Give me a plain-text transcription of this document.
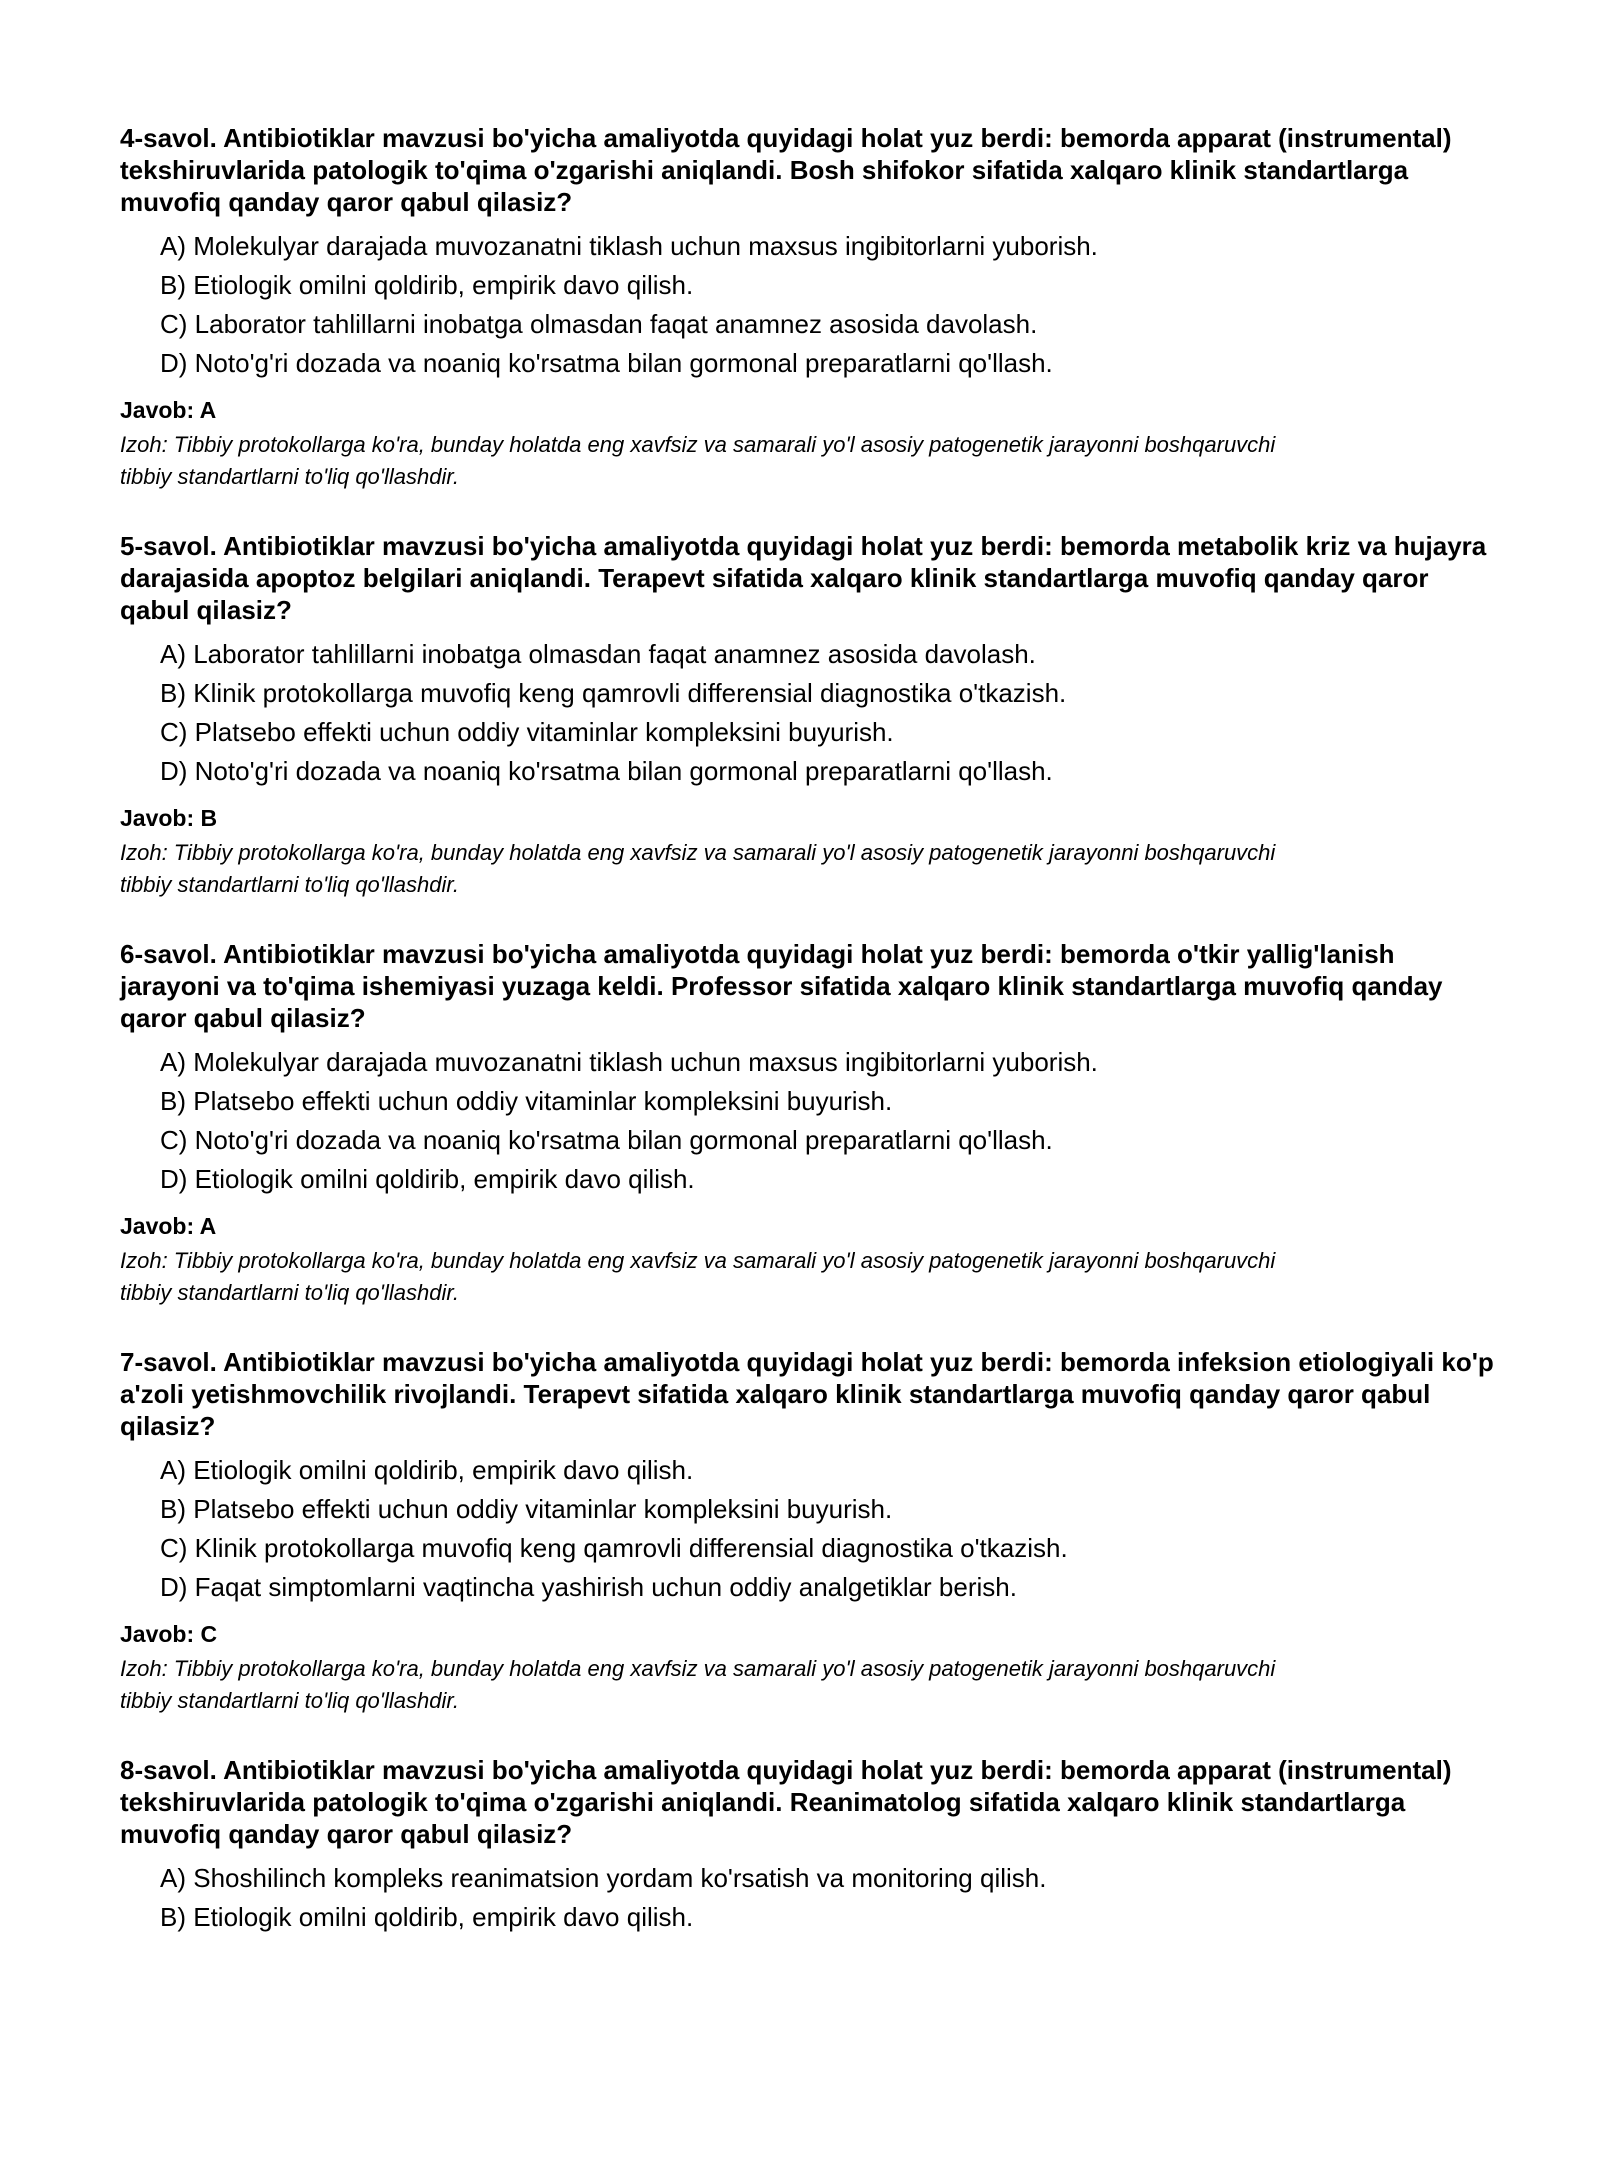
4-savol. Antibiotiklar mavzusi bo'yicha amaliyotda quyidagi holat yuz berdi: bemorda apparat (instrumental) tekshiruvlarida patologik to'qima o'zgarishi aniqlandi. Bosh shifokor sifatida xalqaro klinik standartlarga muvofiq qanday qaror qabul qilasiz?

A) Molekulyar darajada muvozanatni tiklash uchun maxsus ingibitorlarni yuborish.
B) Etiologik omilni qoldirib, empirik davo qilish.
C) Laborator tahlillarni inobatga olmasdan faqat anamnez asosida davolash.
D) Noto'g'ri dozada va noaniq ko'rsatma bilan gormonal preparatlarni qo'llash.

Javob: A

Izoh: Tibbiy protokollarga ko'ra, bunday holatda eng xavfsiz va samarali yo'l asosiy patogenetik jarayonni boshqaruvchi tibbiy standartlarni to'liq qo'llashdir.

5-savol. Antibiotiklar mavzusi bo'yicha amaliyotda quyidagi holat yuz berdi: bemorda metabolik kriz va hujayra darajasida apoptoz belgilari aniqlandi. Terapevt sifatida xalqaro klinik standartlarga muvofiq qanday qaror qabul qilasiz?

A) Laborator tahlillarni inobatga olmasdan faqat anamnez asosida davolash.
B) Klinik protokollarga muvofiq keng qamrovli differensial diagnostika o'tkazish.
C) Platsebo effekti uchun oddiy vitaminlar kompleksini buyurish.
D) Noto'g'ri dozada va noaniq ko'rsatma bilan gormonal preparatlarni qo'llash.

Javob: B

Izoh: Tibbiy protokollarga ko'ra, bunday holatda eng xavfsiz va samarali yo'l asosiy patogenetik jarayonni boshqaruvchi tibbiy standartlarni to'liq qo'llashdir.

6-savol. Antibiotiklar mavzusi bo'yicha amaliyotda quyidagi holat yuz berdi: bemorda o'tkir yallig'lanish jarayoni va to'qima ishemiyasi yuzaga keldi. Professor sifatida xalqaro klinik standartlarga muvofiq qanday qaror qabul qilasiz?

A) Molekulyar darajada muvozanatni tiklash uchun maxsus ingibitorlarni yuborish.
B) Platsebo effekti uchun oddiy vitaminlar kompleksini buyurish.
C) Noto'g'ri dozada va noaniq ko'rsatma bilan gormonal preparatlarni qo'llash.
D) Etiologik omilni qoldirib, empirik davo qilish.

Javob: A

Izoh: Tibbiy protokollarga ko'ra, bunday holatda eng xavfsiz va samarali yo'l asosiy patogenetik jarayonni boshqaruvchi tibbiy standartlarni to'liq qo'llashdir.

7-savol. Antibiotiklar mavzusi bo'yicha amaliyotda quyidagi holat yuz berdi: bemorda infeksion etiologiyali ko'p a'zoli yetishmovchilik rivojlandi. Terapevt sifatida xalqaro klinik standartlarga muvofiq qanday qaror qabul qilasiz?

A) Etiologik omilni qoldirib, empirik davo qilish.
B) Platsebo effekti uchun oddiy vitaminlar kompleksini buyurish.
C) Klinik protokollarga muvofiq keng qamrovli differensial diagnostika o'tkazish.
D) Faqat simptomlarni vaqtincha yashirish uchun oddiy analgetiklar berish.

Javob: C

Izoh: Tibbiy protokollarga ko'ra, bunday holatda eng xavfsiz va samarali yo'l asosiy patogenetik jarayonni boshqaruvchi tibbiy standartlarni to'liq qo'llashdir.

8-savol. Antibiotiklar mavzusi bo'yicha amaliyotda quyidagi holat yuz berdi: bemorda apparat (instrumental) tekshiruvlarida patologik to'qima o'zgarishi aniqlandi. Reanimatolog sifatida xalqaro klinik standartlarga muvofiq qanday qaror qabul qilasiz?

A) Shoshilinch kompleks reanimatsion yordam ko'rsatish va monitoring qilish.
B) Etiologik omilni qoldirib, empirik davo qilish.
